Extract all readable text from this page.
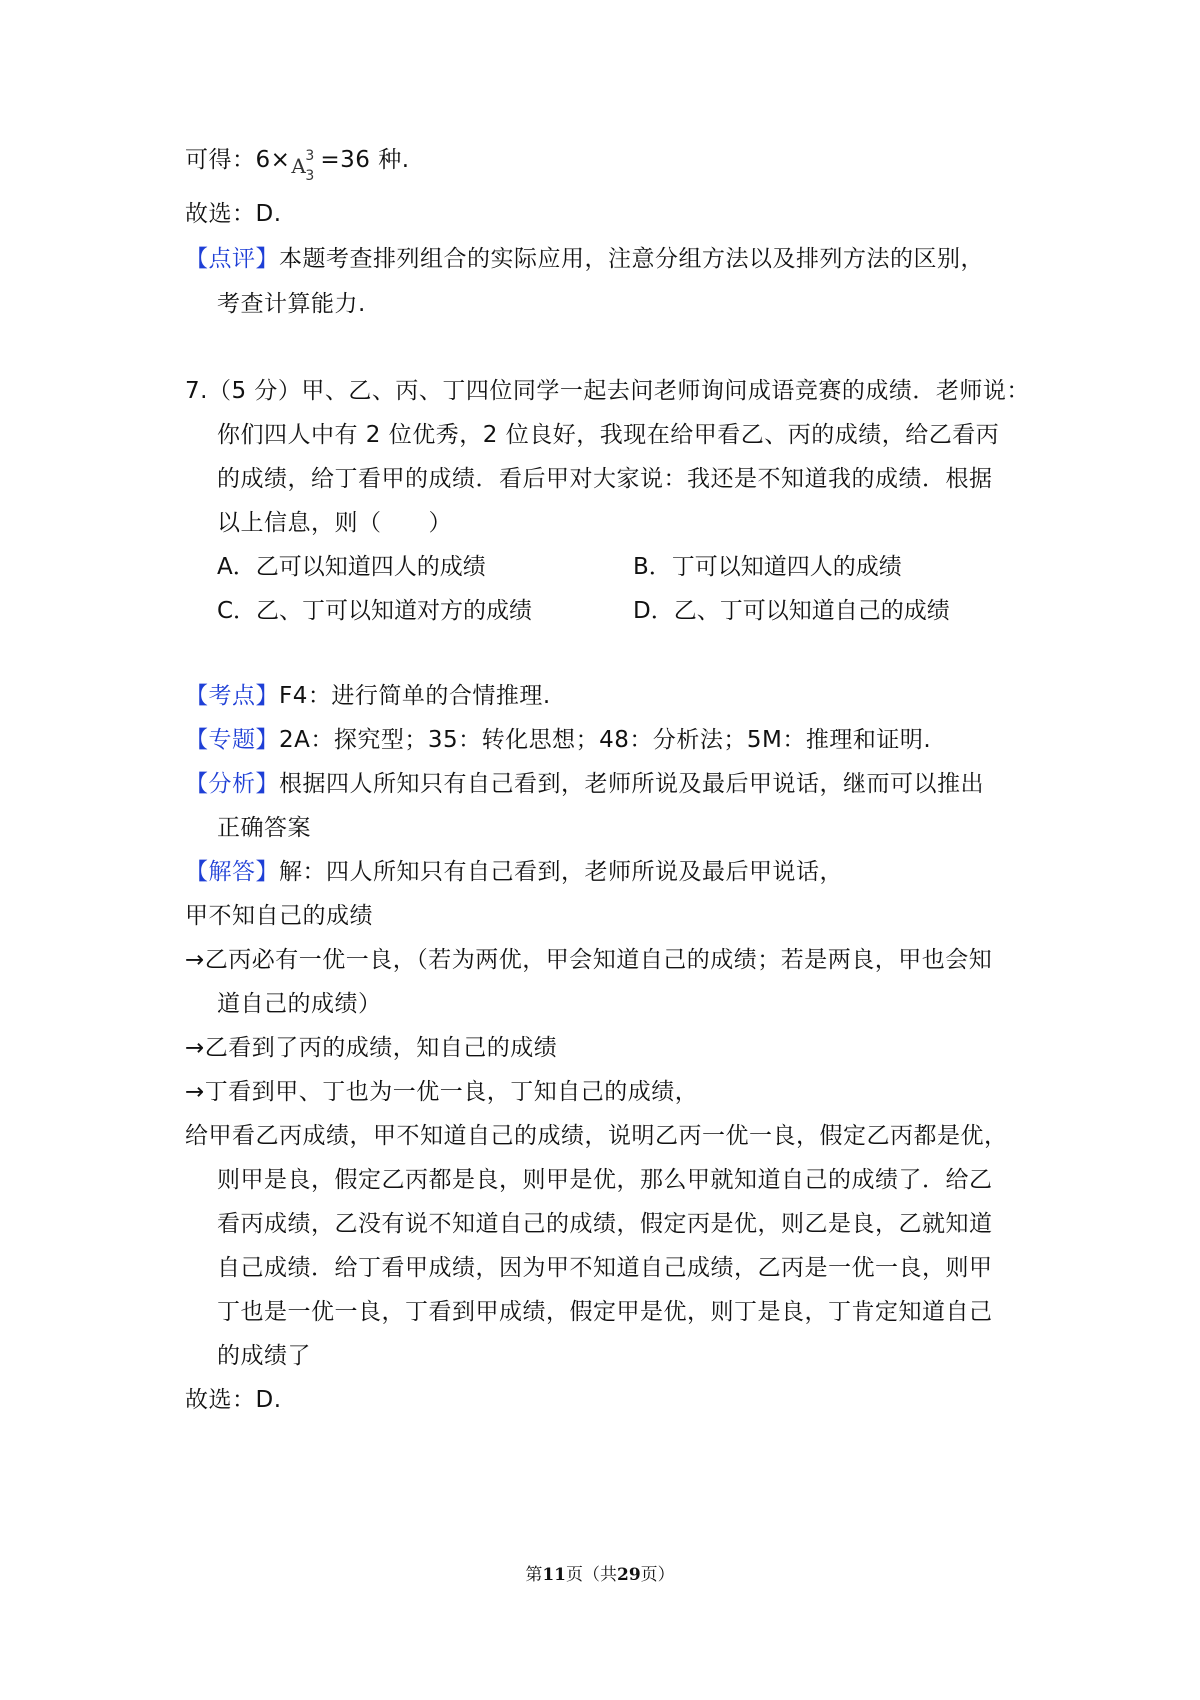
可得：6× A 3
3
=36 种.
故选：D.
【点评】本题考查排列组合的实际应用，注意分组方法以及排列方法的区别，
考查计算能力.
7.（5 分）甲、乙、丙、丁四位同学一起去问老师询问成语竞赛的成绩．老师说：
你们四人中有 2 位优秀，2 位良好，我现在给甲看乙、丙的成绩，给乙看丙
的成绩，给丁看甲的成绩．看后甲对大家说：我还是不知道我的成绩．根据
以上信息，则（　　）
A．乙可以知道四人的成绩	B．丁可以知道四人的成绩
C．乙、丁可以知道对方的成绩	D．乙、丁可以知道自己的成绩
【考点】F4：进行简单的合情推理.
【专题】2A：探究型；35：转化思想；48：分析法；5M：推理和证明.
【分析】根据四人所知只有自己看到，老师所说及最后甲说话，继而可以推出
正确答案
【解答】解：四人所知只有自己看到，老师所说及最后甲说话，
甲不知自己的成绩
→乙丙必有一优一良，（若为两优，甲会知道自己的成绩；若是两良，甲也会知
道自己的成绩）
→乙看到了丙的成绩，知自己的成绩
→丁看到甲、丁也为一优一良，丁知自己的成绩，
给甲看乙丙成绩，甲不知道自己的成绩，说明乙丙一优一良，假定乙丙都是优，
则甲是良，假定乙丙都是良，则甲是优，那么甲就知道自己的成绩了．给乙
看丙成绩，乙没有说不知道自己的成绩，假定丙是优，则乙是良，乙就知道
自己成绩．给丁看甲成绩，因为甲不知道自己成绩，乙丙是一优一良，则甲
丁也是一优一良，丁看到甲成绩，假定甲是优，则丁是良，丁肯定知道自己
的成绩了
故选：D.
第11页（共29页）
